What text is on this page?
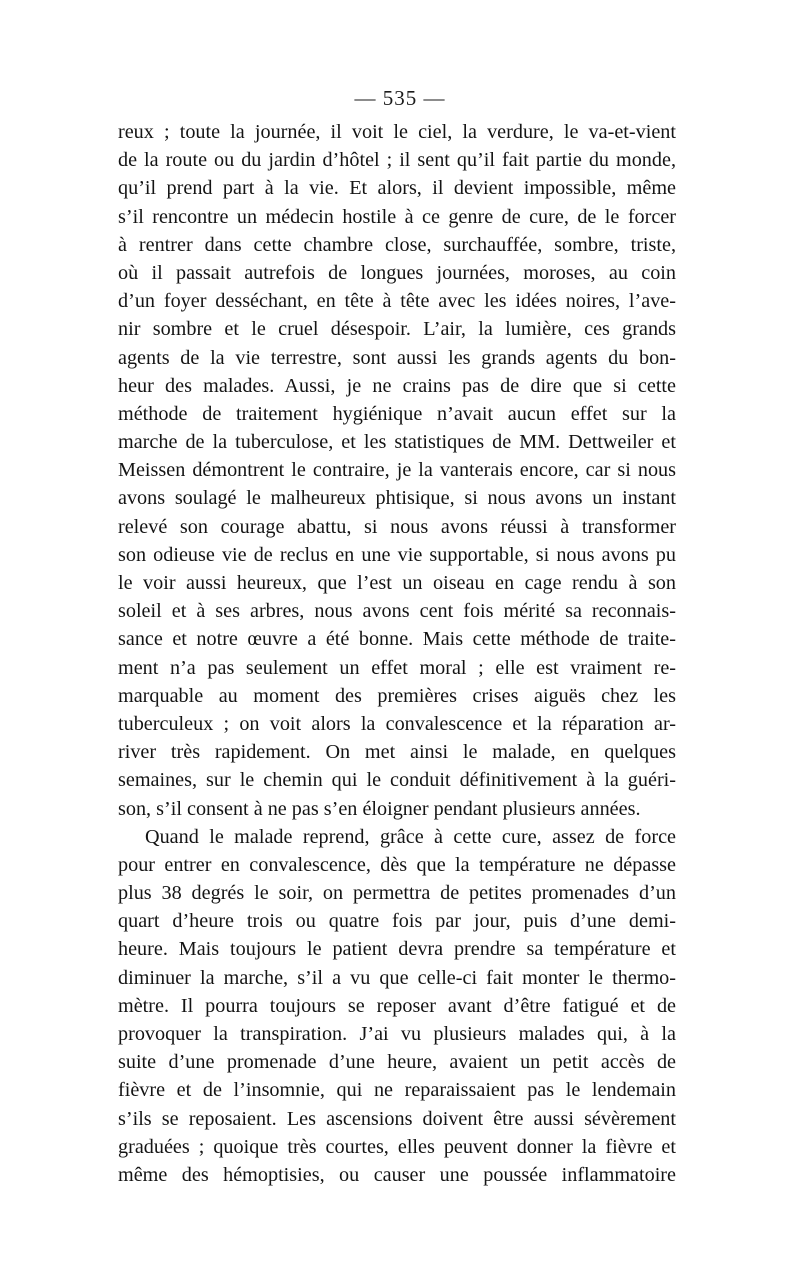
— 535 —
reux ; toute la journée, il voit le ciel, la verdure, le va-et-vient
de la route ou du jardin d’hôtel ; il sent qu’il fait partie du monde,
qu’il prend part à la vie. Et alors, il devient impossible, même
s’il rencontre un médecin hostile à ce genre de cure, de le forcer
à rentrer dans cette chambre close, surchauffée, sombre, triste,
où il passait autrefois de longues journées, moroses, au coin
d’un foyer desséchant, en tête à tête avec les idées noires, l’ave-
nir sombre et le cruel désespoir. L’air, la lumière, ces grands
agents de la vie terrestre, sont aussi les grands agents du bon-
heur des malades. Aussi, je ne crains pas de dire que si cette
méthode de traitement hygiénique n’avait aucun effet sur la
marche de la tuberculose, et les statistiques de MM. Dettweiler et
Meissen démontrent le contraire, je la vanterais encore, car si nous
avons soulagé le malheureux phtisique, si nous avons un instant
relevé son courage abattu, si nous avons réussi à transformer
son odieuse vie de reclus en une vie supportable, si nous avons pu
le voir aussi heureux, que l’est un oiseau en cage rendu à son
soleil et à ses arbres, nous avons cent fois mérité sa reconnais-
sance et notre œuvre a été bonne. Mais cette méthode de traite-
ment n’a pas seulement un effet moral ; elle est vraiment re-
marquable au moment des premières crises aiguës chez les
tuberculeux ; on voit alors la convalescence et la réparation ar-
river très rapidement. On met ainsi le malade, en quelques
semaines, sur le chemin qui le conduit définitivement à la guéri-
son, s’il consent à ne pas s’en éloigner pendant plusieurs années.
Quand le malade reprend, grâce à cette cure, assez de force
pour entrer en convalescence, dès que la température ne dépasse
plus 38 degrés le soir, on permettra de petites promenades d’un
quart d’heure trois ou quatre fois par jour, puis d’une demi-
heure. Mais toujours le patient devra prendre sa température et
diminuer la marche, s’il a vu que celle-ci fait monter le thermo-
mètre. Il pourra toujours se reposer avant d’être fatigué et de
provoquer la transpiration. J’ai vu plusieurs malades qui, à la
suite d’une promenade d’une heure, avaient un petit accès de
fièvre et de l’insomnie, qui ne reparaissaient pas le lendemain
s’ils se reposaient. Les ascensions doivent être aussi sévèrement
graduées ; quoique très courtes, elles peuvent donner la fièvre et
même des hémoptisies, ou causer une poussée inflammatoire
